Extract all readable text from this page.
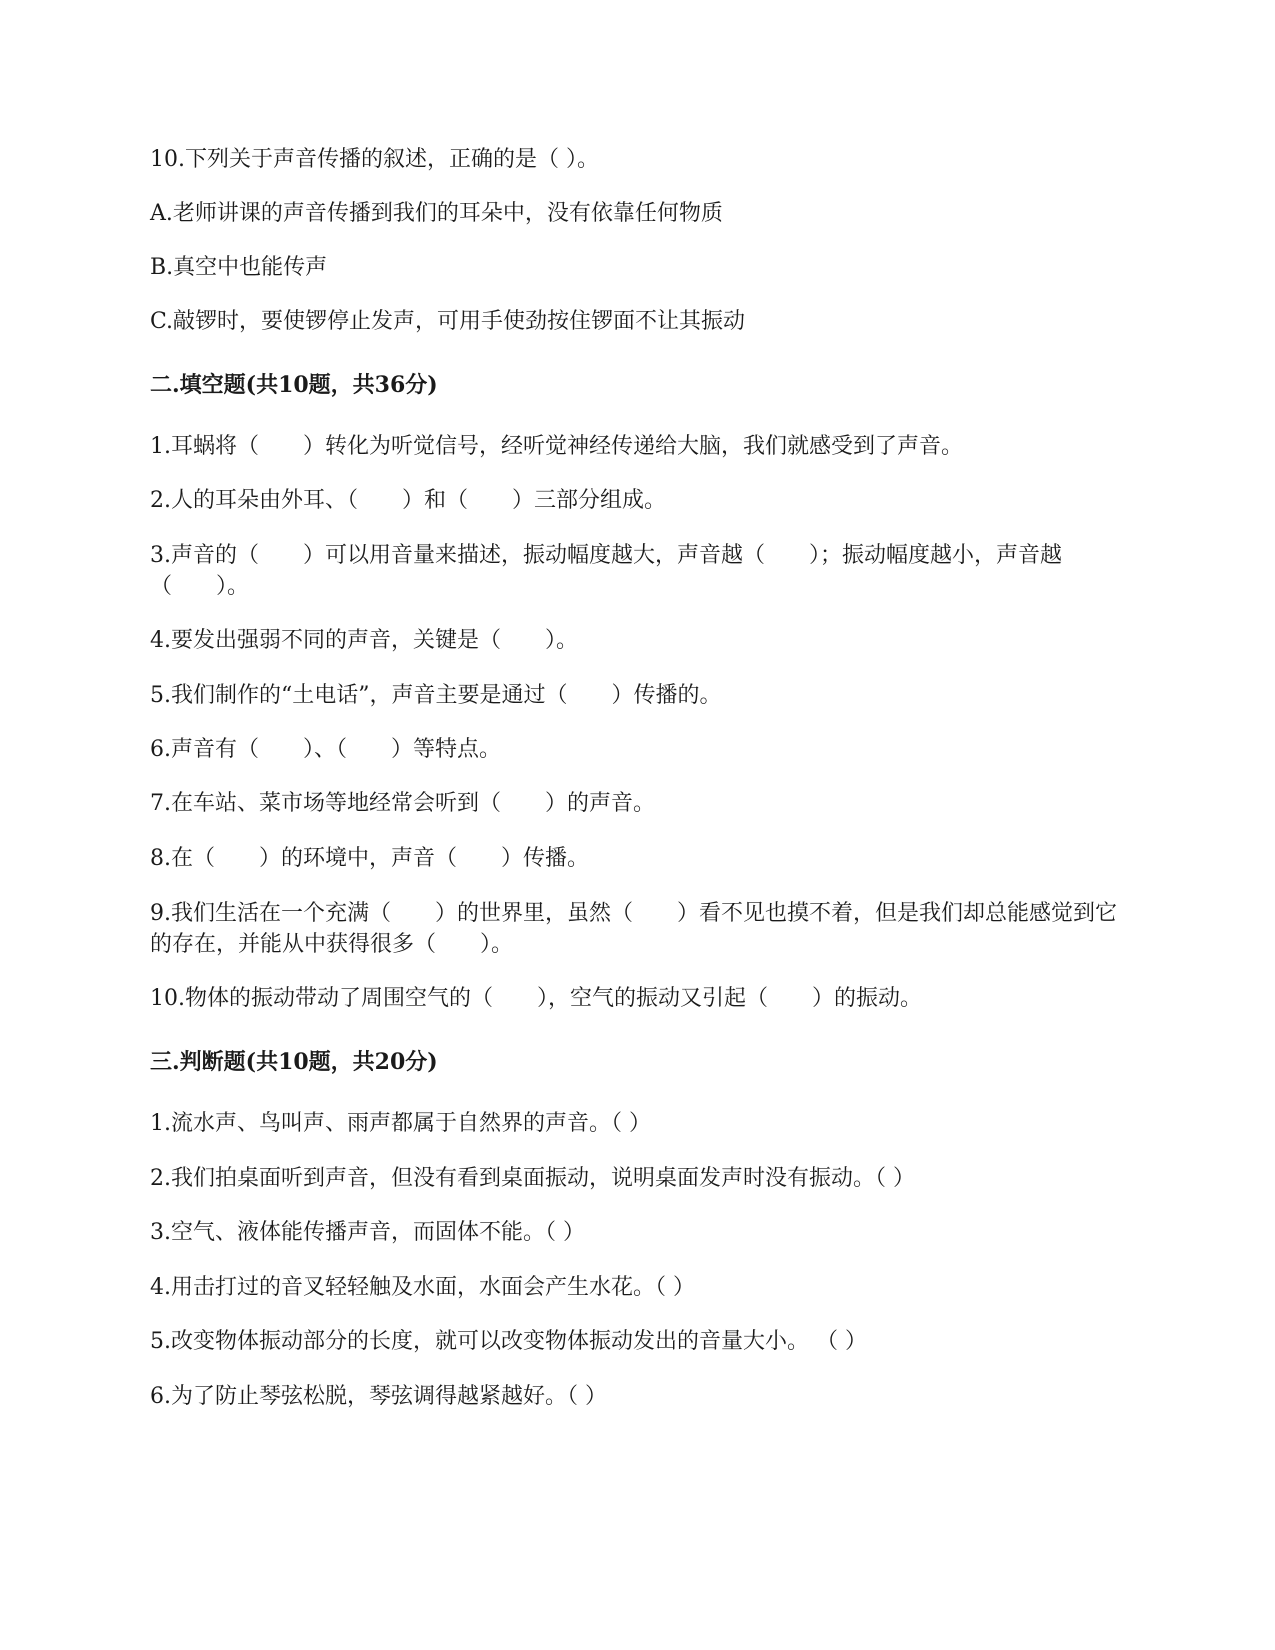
10.下列关于声音传播的叙述，正确的是（ ）。
A.老师讲课的声音传播到我们的耳朵中，没有依靠任何物质
B.真空中也能传声
C.敲锣时，要使锣停止发声，可用手使劲按住锣面不让其振动
二.填空题(共10题，共36分)
1.耳蜗将（　　）转化为听觉信号，经听觉神经传递给大脑，我们就感受到了声音。
2.人的耳朵由外耳、（　　）和（　　）三部分组成。
3.声音的（　　）可以用音量来描述，振动幅度越大，声音越（　　）；振动幅度越小，声音越（　　）。
4.要发出强弱不同的声音，关键是（　　）。
5.我们制作的“土电话”，声音主要是通过（　　）传播的。
6.声音有（　　）、（　　）等特点。
7.在车站、菜市场等地经常会听到（　　）的声音。
8.在（　　）的环境中，声音（　　）传播。
9.我们生活在一个充满（　　）的世界里，虽然（　　）看不见也摸不着，但是我们却总能感觉到它的存在，并能从中获得很多（　　）。
10.物体的振动带动了周围空气的（　　），空气的振动又引起（　　）的振动。
三.判断题(共10题，共20分)
1.流水声、鸟叫声、雨声都属于自然界的声音。（ ）
2.我们拍桌面听到声音，但没有看到桌面振动，说明桌面发声时没有振动。（ ）
3.空气、液体能传播声音，而固体不能。（ ）
4.用击打过的音叉轻轻触及水面，水面会产生水花。（ ）
5.改变物体振动部分的长度，就可以改变物体振动发出的音量大小。 （ ）
6.为了防止琴弦松脱，琴弦调得越紧越好。（ ）
